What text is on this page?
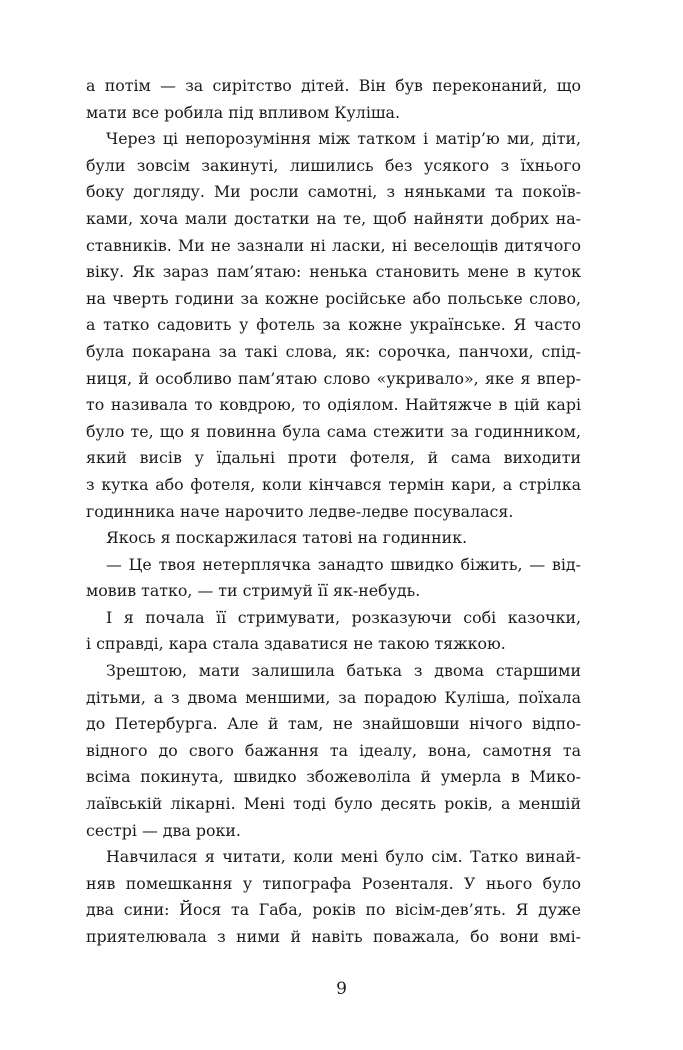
а потім — за сирітство дітей. Він був переконаний, що
мати все робила під впливом Куліша.
Через ці непорозуміння між татком і матір’ю ми, діти,
були зовсім закинуті, лишились без усякого з їхнього
боку догляду. Ми росли самотні, з няньками та покоїв-
ками, хоча мали достатки на те, щоб найняти добрих на-
ставників. Ми не зазнали ні ласки, ні веселощів дитячого
віку. Як зараз пам’ятаю: ненька становить мене в куток
на чверть години за кожне російське або польське слово,
а татко садовить у фотель за кожне українське. Я часто
була покарана за такі слова, як: сорочка, панчохи, спід-
ниця, й особливо пам’ятаю слово «укривало», яке я впер-
то називала то ковдрою, то одіялом. Найтяжче в цій карі
було те, що я повинна була сама стежити за годинником,
який висів у їдальні проти фотеля, й сама виходити
з кутка або фотеля, коли кінчався термін кари, а стрілка
годинника наче нарочито ледве-ледве посувалася.
Якось я поскаржилася татові на годинник.
— Це твоя нетерплячка занадто швидко біжить, — від-
мовив татко, — ти стримуй її як-небудь.
І я почала її стримувати, розказуючи собі казочки,
і справді, кара стала здаватися не такою тяжкою.
Зрештою, мати залишила батька з двома старшими
дітьми, а з двома меншими, за порадою Куліша, поїхала
до Петербурга. Але й там, не знайшовши нічого відпо-
відного до свого бажання та ідеалу, вона, самотня та
всіма покинута, швидко збожеволіла й умерла в Мико-
лаївській лікарні. Мені тоді було десять років, а меншій
сестрі — два роки.
Навчилася я читати, коли мені було сім. Татко винай-
няв помешкання у типографа Розенталя. У нього було
два сини: Йося та Габа, років по вісім-дев’ять. Я дуже
приятелювала з ними й навіть поважала, бо вони вмі-
9
